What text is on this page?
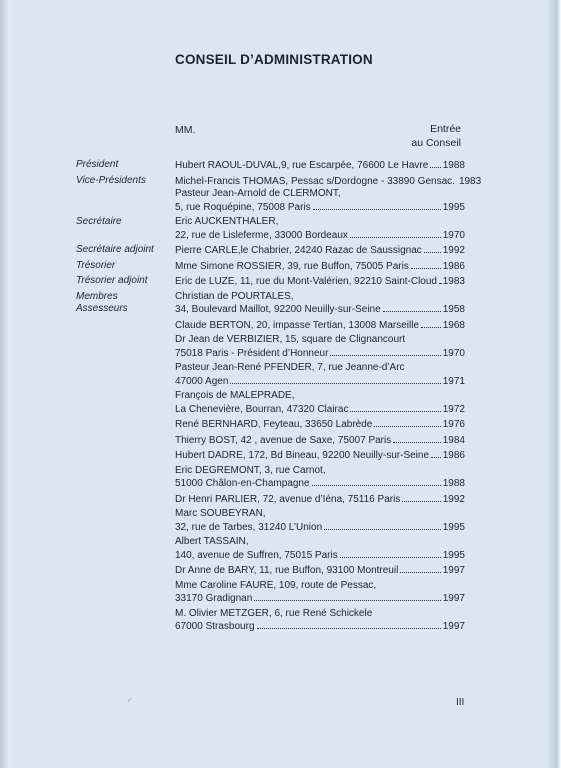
CONSEIL D’ADMINISTRATION
MM.	Entrée
au Conseil
Président	Hubert RAOUL-DUVAL,9, rue Escarpée, 76600 Le Havre 1988
Vice-Présidents	Michel-Francis THOMAS, Pessac s/Dordogne - 33890 Gensac. 1983
Pasteur Jean-Arnold de CLERMONT,
5, rue Roquépine, 75008 Paris	1995
Secrétaire	Eric AUCKENTHALER,
22, rue de Lisleferme, 33000 Bordeaux	1970
Secrétaire adjoint	Pierre CARLE,le Chabrier, 24240 Razac de Saussignac 1992
Trésorier	Mme Simone ROSSIER, 39, rue Buffon, 75005 Paris	1986
Trésorier adjoint	Eric de LUZE, 11, rue du Mont-Valérien, 92210 Saint-Cloud 1983
Membres Assesseurs
Christian de POURTALES,
34, Boulevard Maillot, 92200 Neuilly-sur-Seine	1958
Claude BERTON, 20, impasse Tertian, 13008 Marseille 1968
Dr Jean de VERBIZIER, 15, square de Clignancourt
75018 Paris - Président d’Honneur	1970
Pasteur Jean-René PFENDER, 7, rue Jeanne-d’Arc
47000 Agen	1971
François de MALEPRADE,
La Chenevière, Bourran, 47320 Clairac	1972
René BERNHARD, Feyteau, 33650 Labrède	1976
Thierry BOST, 42 , avenue de Saxe, 75007 Paris	1984
Hubert DADRE, 172, Bd Bineau, 92200 Neuilly-sur-Seine 1986
Eric DEGREMONT, 3, rue Carnot,
51000 Châlon-en-Champagne	1988
Dr Henri PARLIER, 72, avenue d’Iéna, 75116 Paris	1992
Marc SOUBEYRAN,
32, rue de Tarbes, 31240 L’Union	1995
Albert TASSAIN,
140, avenue de Suffren, 75015 Paris	1995
Dr Anne de BARY, 11, rue Buffon, 93100 Montreuil	1997
Mme Caroline FAURE, 109, route de Pessac,
33170 Gradignan	1997
M. Olivier METZGER, 6, rue René Schickele
67000 Strasbourg	1997
⸝	III
